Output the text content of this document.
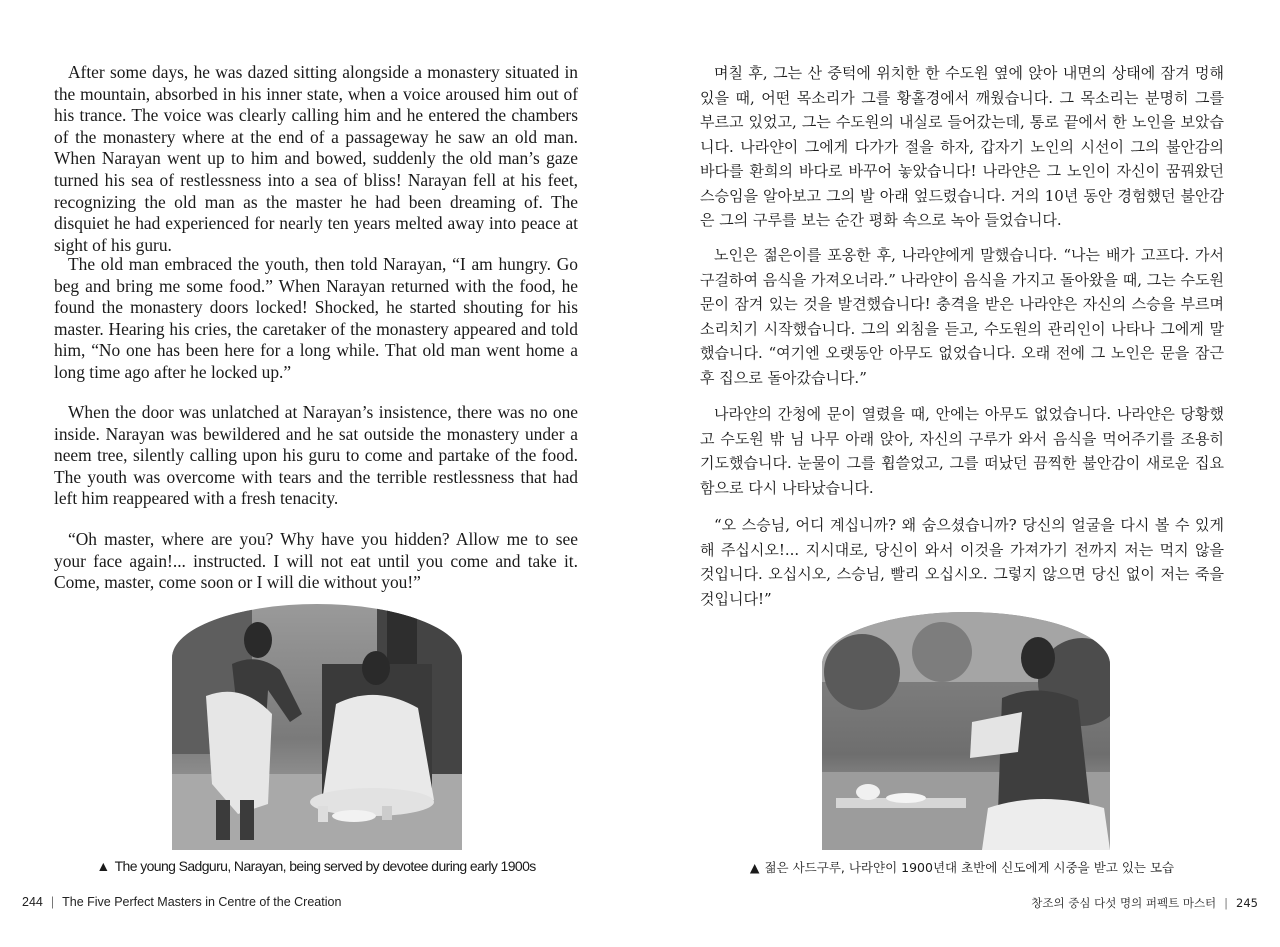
After some days, he was dazed sitting alongside a monastery situated in the mountain, absorbed in his inner state, when a voice aroused him out of his trance. The voice was clearly calling him and he entered the chambers of the monastery where at the end of a passageway he saw an old man. When Narayan went up to him and bowed, suddenly the old man’s gaze turned his sea of restlessness into a sea of bliss! Narayan fell at his feet, recognizing the old man as the master he had been dreaming of. The disquiet he had experienced for nearly ten years melted away into peace at sight of his guru.

The old man embraced the youth, then told Narayan, “I am hungry. Go beg and bring me some food.” When Narayan returned with the food, he found the monastery doors locked! Shocked, he started shouting for his master. Hearing his cries, the caretaker of the monastery appeared and told him, “No one has been here for a long while. That old man went home a long time ago after he locked up.”

When the door was unlatched at Narayan’s insistence, there was no one inside. Narayan was bewildered and he sat outside the monastery under a neem tree, silently calling upon his guru to come and partake of the food. The youth was overcome with tears and the terrible restlessness that had left him reappeared with a fresh tenacity.

“Oh master, where are you? Why have you hidden? Allow me to see your face again!... instructed. I will not eat until you come and take it. Come, master, come soon or I will die without you!”

▲ The young Sadguru, Narayan, being served by devotee during early 1900s
244 | The Five Perfect Masters in Centre of the Creation

며칠 후, 그는 산 중턱에 위치한 한 수도원 옆에 앉아 내면의 상태에 잠겨 멍해 있을 때, 어떤 목소리가 그를 황홀경에서 깨웠습니다. 그 목소리는 분명히 그를 부르고 있었고, 그는 수도원의 내실로 들어갔는데, 통로 끝에서 한 노인을 보았습니다. 나라얀이 그에게 다가가 절을 하자, 갑자기 노인의 시선이 그의 불안감의 바다를 환희의 바다로 바꾸어 놓았습니다! 나라얀은 그 노인이 자신이 꿈꿔왔던 스승임을 알아보고 그의 발 아래 엎드렸습니다. 거의 10년 동안 경험했던 불안감은 그의 구루를 보는 순간 평화 속으로 녹아 들었습니다.

노인은 젊은이를 포옹한 후, 나라얀에게 말했습니다. “나는 배가 고프다. 가서 구걸하여 음식을 가져오너라.” 나라얀이 음식을 가지고 돌아왔을 때, 그는 수도원 문이 잠겨 있는 것을 발견했습니다! 충격을 받은 나라얀은 자신의 스승을 부르며 소리치기 시작했습니다. 그의 외침을 듣고, 수도원의 관리인이 나타나 그에게 말했습니다. “여기엔 오랫동안 아무도 없었습니다. 오래 전에 그 노인은 문을 잠근 후 집으로 돌아갔습니다.”

나라얀의 간청에 문이 열렸을 때, 안에는 아무도 없었습니다. 나라얀은 당황했고 수도원 밖 님 나무 아래 앉아, 자신의 구루가 와서 음식을 먹어주기를 조용히 기도했습니다. 눈물이 그를 휩쓸었고, 그를 떠났던 끔찍한 불안감이 새로운 집요함으로 다시 나타났습니다.

“오 스승님, 어디 계십니까? 왜 숨으셨습니까? 당신의 얼굴을 다시 볼 수 있게 해 주십시오!... 지시대로, 당신이 와서 이것을 가져가기 전까지 저는 먹지 않을 것입니다. 오십시오, 스승님, 빨리 오십시오. 그렇지 않으면 당신 없이 저는 죽을 것입니다!”

▲ 젊은 사드구루, 나라얀이 1900년대 초반에 신도에게 시중을 받고 있는 모습
창조의 중심 다섯 명의 퍼펙트 마스터 | 245
